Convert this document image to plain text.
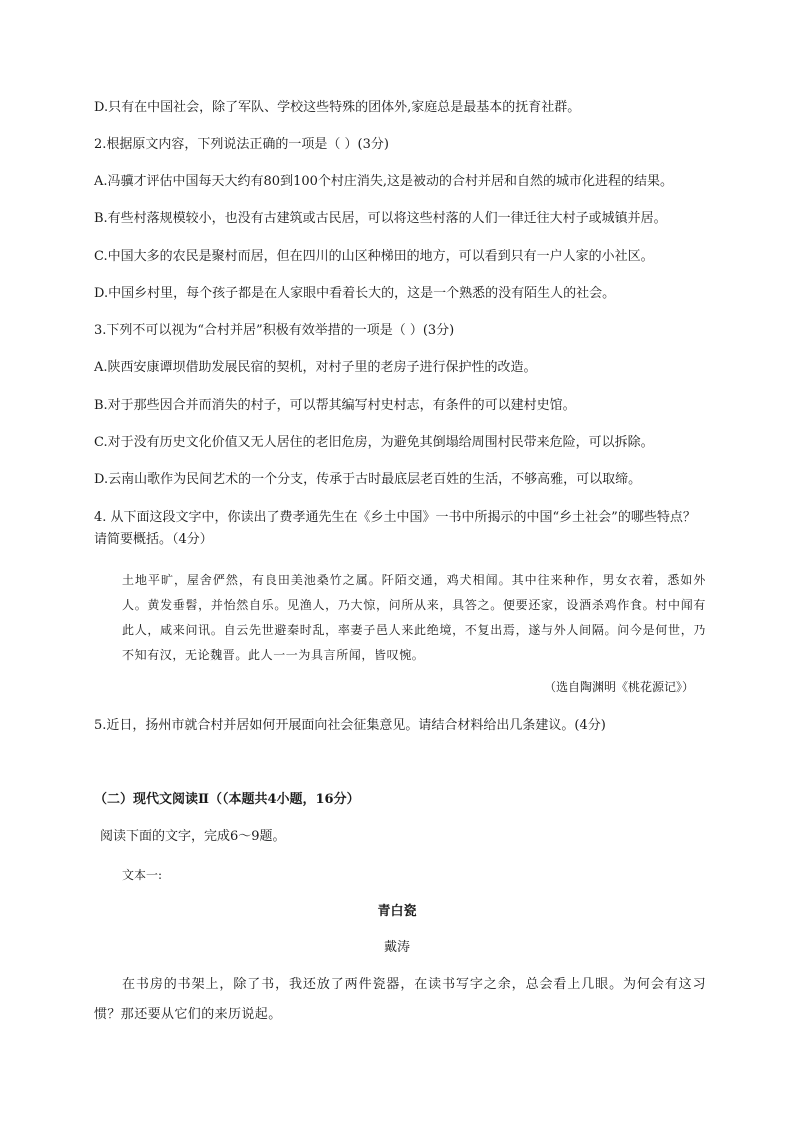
D.只有在中国社会，除了军队、学校这些特殊的团体外,家庭总是最基本的抚育社群。
2.根据原文内容，下列说法正确的一项是（ ）(3分)
A.冯骥才评估中国每天大约有80到100个村庄消失,这是被动的合村并居和自然的城市化进程的结果。
B.有些村落规模较小，也没有古建筑或古民居，可以将这些村落的人们一律迁往大村子或城镇并居。
C.中国大多的农民是聚村而居，但在四川的山区种梯田的地方，可以看到只有一户人家的小社区。
D.中国乡村里，每个孩子都是在人家眼中看着长大的，这是一个熟悉的没有陌生人的社会。
3.下列不可以视为“合村并居”积极有效举措的一项是（ ）(3分)
A.陕西安康谭坝借助发展民宿的契机，对村子里的老房子进行保护性的改造。
B.对于那些因合并而消失的村子，可以帮其编写村史村志，有条件的可以建村史馆。
C.对于没有历史文化价值又无人居住的老旧危房，为避免其倒塌给周围村民带来危险，可以拆除。
D.云南山歌作为民间艺术的一个分支，传承于古时最底层老百姓的生活，不够高雅，可以取缔。
4. 从下面这段文字中，你读出了费孝通先生在《乡土中国》一书中所揭示的中国“乡土社会”的哪些特点？请简要概括。（4分）
土地平旷，屋舍俨然，有良田美池桑竹之属。阡陌交通，鸡犬相闻。其中往来种作，男女衣着，悉如外人。黄发垂髫，并怡然自乐。见渔人，乃大惊，问所从来，具答之。便要还家，设酒杀鸡作食。村中闻有此人，咸来问讯。自云先世避秦时乱，率妻子邑人来此绝境，不复出焉，遂与外人间隔。问今是何世，乃不知有汉，无论魏晋。此人一一为具言所闻，皆叹惋。
（选自陶渊明《桃花源记》）
5.近日，扬州市就合村并居如何开展面向社会征集意见。请结合材料给出几条建议。(4分)
（二）现代文阅读Ⅱ（（本题共4小题，16分）
阅读下面的文字，完成6～9题。
文本一:
青白瓷
戴涛
在书房的书架上，除了书，我还放了两件瓷器，在读书写字之余，总会看上几眼。为何会有这习惯？那还要从它们的来历说起。
